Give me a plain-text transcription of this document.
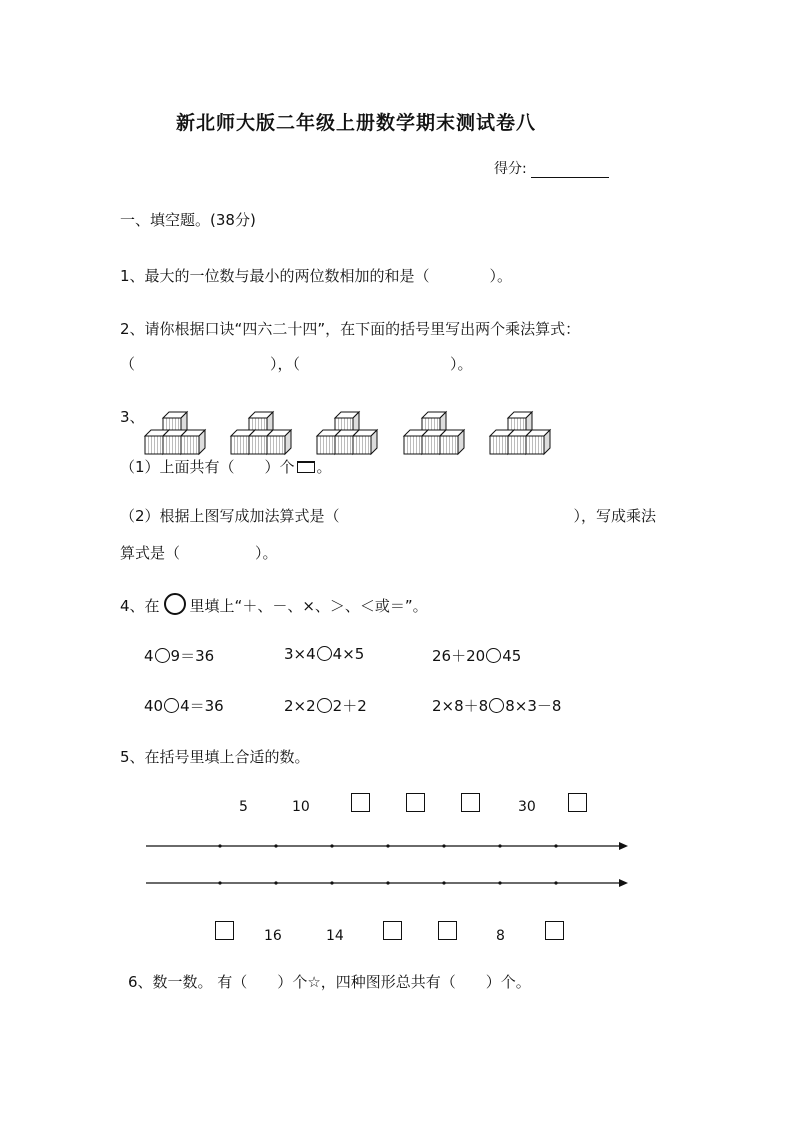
新北师大版二年级上册数学期末测试卷八
得分:
一、填空题。(38分)
1、最大的一位数与最小的两位数相加的和是（　　　　）。
2、请你根据口诀“四六二十四”，在下面的括号里写出两个乘法算式：
（　　　　　　　　　），（　　　　　　　　　　）。
3、
（1）上面共有（　　）个 。
（2）根据上图写成加法算式是（	），写成乘法
算式是（　　　　　）。
4、在 里填上“＋、－、×、＞、＜或＝”。
4 9＝36	3×4 4×5	26＋20 45
40 4＝36	2×2 2＋2	2×8＋8 8×3－8
5、在括号里填上合适的数。
5	10	30
16	14	8
6、数一数。 有（　　）个☆，四种图形总共有（　　）个。
